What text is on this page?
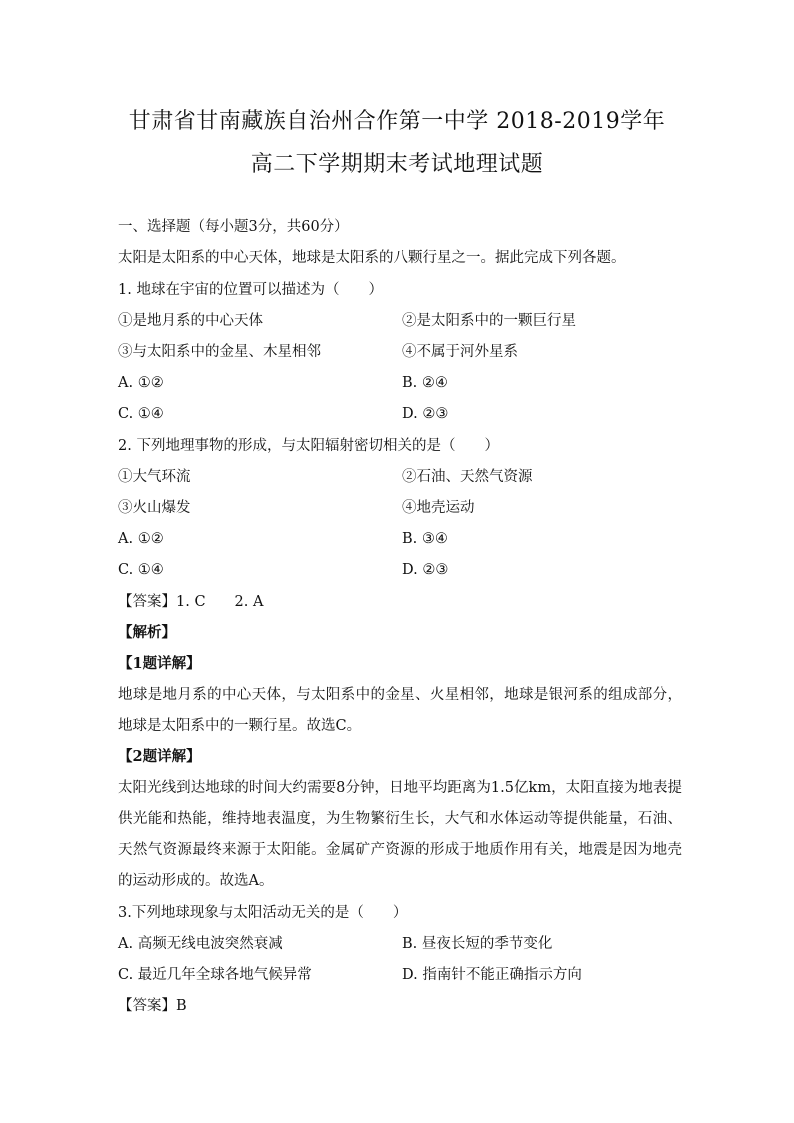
甘肃省甘南藏族自治州合作第一中学 2018-2019学年
高二下学期期末考试地理试题
一、选择题（每小题3分，共60分）
太阳是太阳系的中心天体，地球是太阳系的八颗行星之一。据此完成下列各题。
1. 地球在宇宙的位置可以描述为（　　）
①是地月系的中心天体	②是太阳系中的一颗巨行星
③与太阳系中的金星、木星相邻	④不属于河外星系
A. ①②	B. ②④
C. ①④	D. ②③
2. 下列地理事物的形成，与太阳辐射密切相关的是（　　）
①大气环流	②石油、天然气资源
③火山爆发	④地壳运动
A. ①②	B. ③④
C. ①④	D. ②③
【答案】1. C　　2. A
【解析】
【1题详解】
地球是地月系的中心天体，与太阳系中的金星、火星相邻，地球是银河系的组成部分，地球是太阳系中的一颗行星。故选C。
【2题详解】
太阳光线到达地球的时间大约需要8分钟，日地平均距离为1.5亿km，太阳直接为地表提供光能和热能，维持地表温度，为生物繁衍生长，大气和水体运动等提供能量，石油、天然气资源最终来源于太阳能。金属矿产资源的形成于地质作用有关，地震是因为地壳的运动形成的。故选A。
3.下列地球现象与太阳活动无关的是（　　）
A. 高频无线电波突然衰减	B. 昼夜长短的季节变化
C. 最近几年全球各地气候异常	D. 指南针不能正确指示方向
【答案】B
